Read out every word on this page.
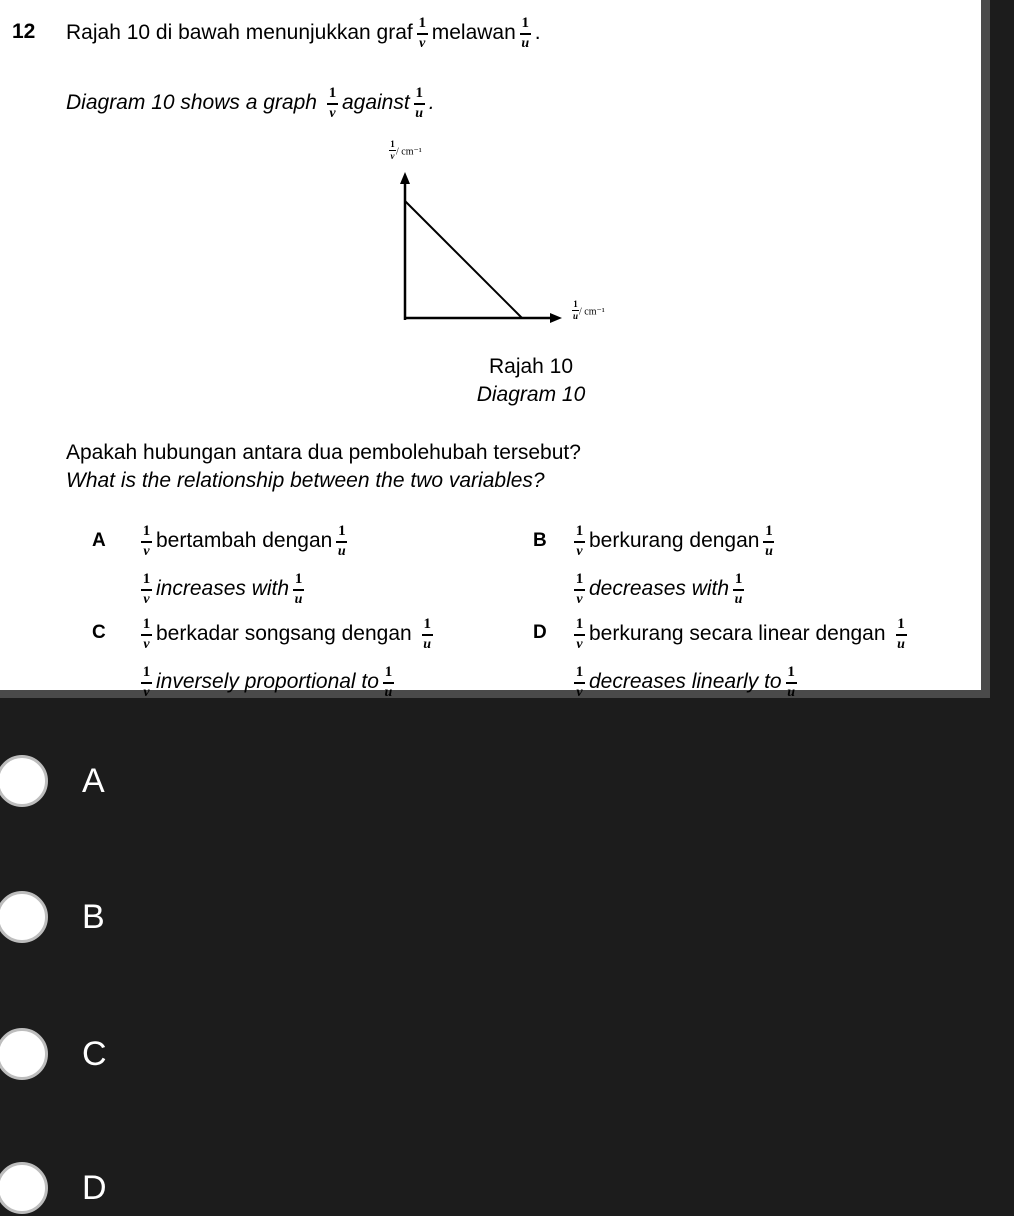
12 Rajah 10 di bawah menunjukkan graf $\frac{1}{v}$ melawan $\frac{1}{u}$ .
Diagram 10 shows a graph $\frac{1}{v}$ against $\frac{1}{u}$ .
$\frac{1}{v} / cm^{-1}$
$\frac{1}{u} / cm^{-1}$
Rajah 10
Diagram 10
Apakah hubungan antara dua pembolehubah tersebut?
What is the relationship between the two variables?
A $\frac{1}{v}$ bertambah dengan $\frac{1}{u}$
$\frac{1}{v}$ increases with $\frac{1}{u}$
B $\frac{1}{v}$ berkurang dengan $\frac{1}{u}$
$\frac{1}{v}$ decreases with $\frac{1}{u}$
C $\frac{1}{v}$ berkadar songsang dengan $\frac{1}{u}$
$\frac{1}{v}$ inversely proportional to $\frac{1}{u}$
D $\frac{1}{v}$ berkurang secara linear dengan $\frac{1}{u}$
$\frac{1}{v}$ decreases linearly to $\frac{1}{u}$
A
B
C
D
